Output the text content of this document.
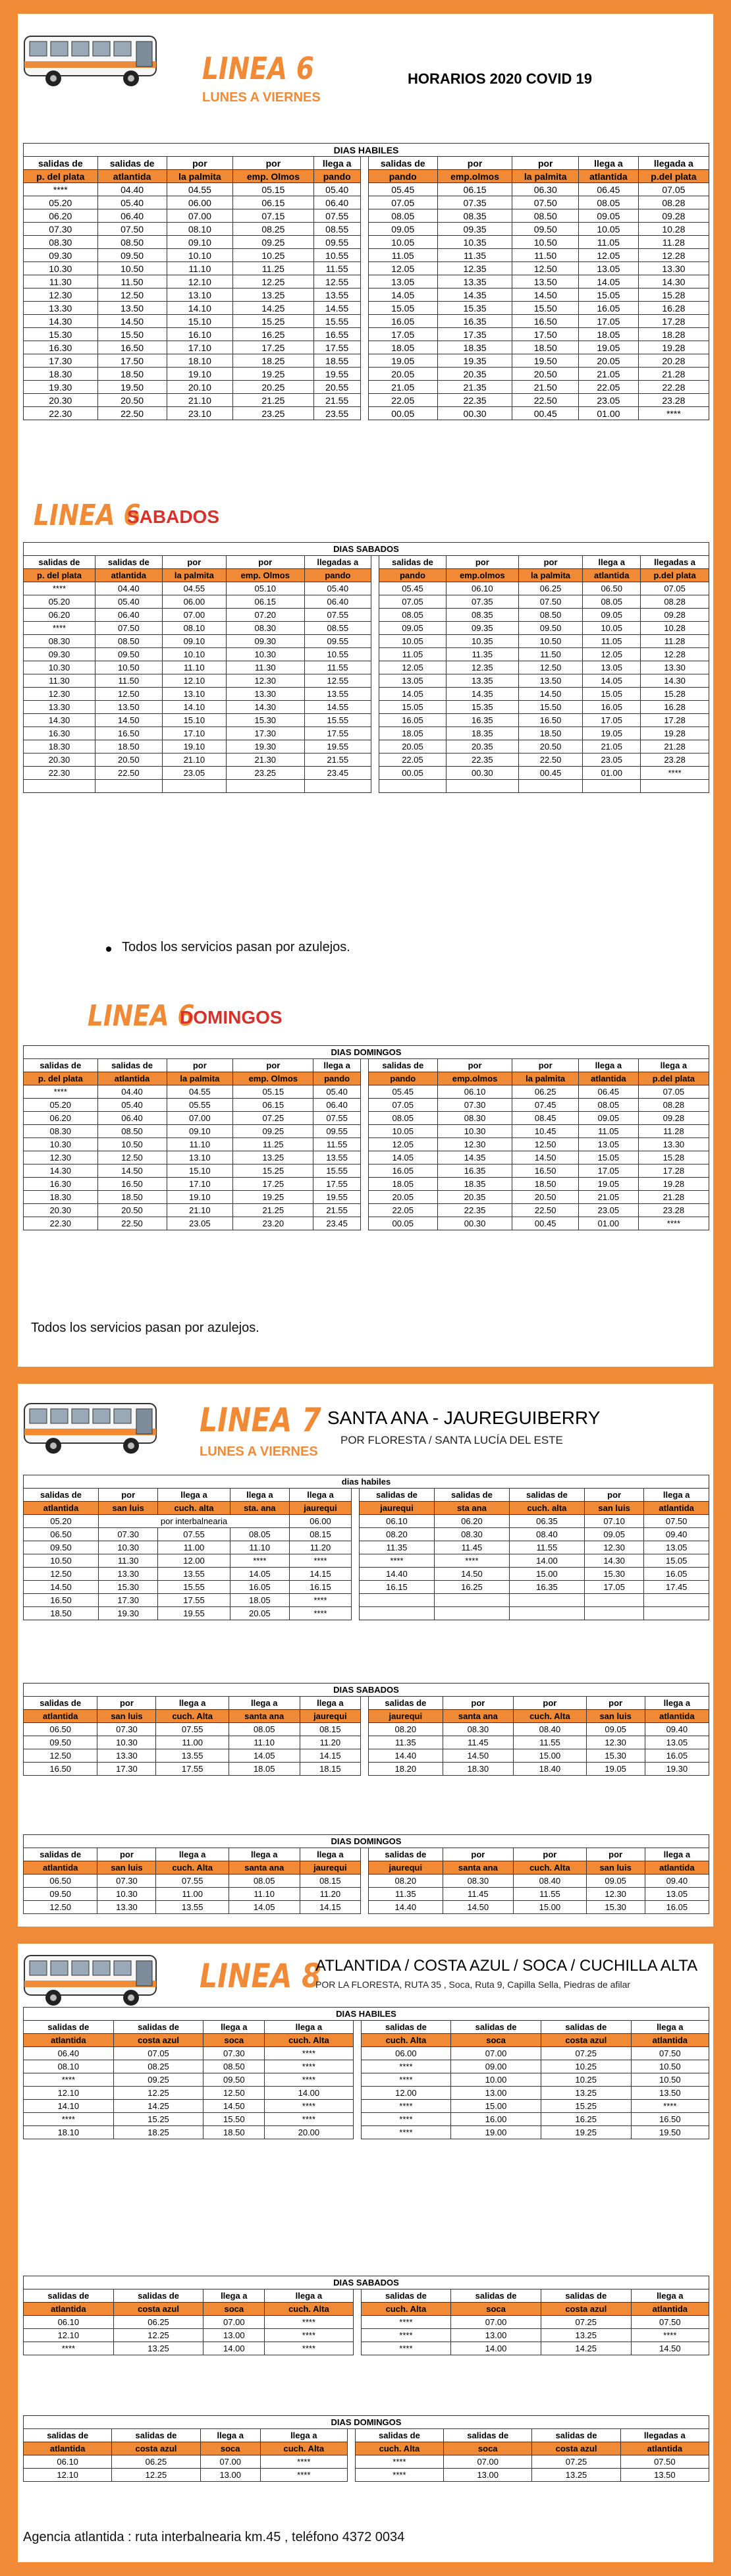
LINEA 6
LUNES A VIERNES
HORARIOS 2020 COVID 19
DIAS HABILES										
salidas de	salidas de	por	por	llega a		salidas de	por	por	llega a	llegada a
p. del plata	atlantida	la palmita	emp. Olmos	pando		pando	emp.olmos	la palmita	atlantida	p.del plata
****	04.40	04.55	05.15	05.40		05.45	06.15	06.30	06.45	07.05
05.20	05.40	06.00	06.15	06.40		07.05	07.35	07.50	08.05	08.28
06.20	06.40	07.00	07.15	07.55		08.05	08.35	08.50	09.05	09.28
07.30	07.50	08.10	08.25	08.55		09.05	09.35	09.50	10.05	10.28
08.30	08.50	09.10	09.25	09.55		10.05	10.35	10.50	11.05	11.28
09.30	09.50	10.10	10.25	10.55		11.05	11.35	11.50	12.05	12.28
10.30	10.50	11.10	11.25	11.55		12.05	12.35	12.50	13.05	13.30
11.30	11.50	12.10	12.25	12.55		13.05	13.35	13.50	14.05	14.30
12.30	12.50	13.10	13.25	13.55		14.05	14.35	14.50	15.05	15.28
13.30	13.50	14.10	14.25	14.55		15.05	15.35	15.50	16.05	16.28
14.30	14.50	15.10	15.25	15.55		16.05	16.35	16.50	17.05	17.28
15.30	15.50	16.10	16.25	16.55		17.05	17.35	17.50	18.05	18.28
16.30	16.50	17.10	17.25	17.55		18.05	18.35	18.50	19.05	19.28
17.30	17.50	18.10	18.25	18.55		19.05	19.35	19.50	20.05	20.28
18.30	18.50	19.10	19.25	19.55		20.05	20.35	20.50	21.05	21.28
19.30	19.50	20.10	20.25	20.55		21.05	21.35	21.50	22.05	22.28
20.30	20.50	21.10	21.25	21.55		22.05	22.35	22.50	23.05	23.28
22.30	22.50	23.10	23.25	23.55		00.05	00.30	00.45	01.00	****
LINEA 6
SABADOS
DIAS SABADOS										
salidas de	salidas de	por	por	llegadas a		salidas de	por	por	llega a	llegadas a
p. del plata	atlantida	la palmita	emp. Olmos	pando		pando	emp.olmos	la palmita	atlantida	p.del plata
****	04.40	04.55	05.10	05.40		05.45	06.10	06.25	06.50	07.05
05.20	05.40	06.00	06.15	06.40		07.05	07.35	07.50	08.05	08.28
06.20	06.40	07.00	07.20	07.55		08.05	08.35	08.50	09.05	09.28
****	07.50	08.10	08.30	08.55		09.05	09.35	09.50	10.05	10.28
08.30	08.50	09.10	09.30	09.55		10.05	10.35	10.50	11.05	11.28
09.30	09.50	10.10	10.30	10.55		11.05	11.35	11.50	12.05	12.28
10.30	10.50	11.10	11.30	11.55		12.05	12.35	12.50	13.05	13.30
11.30	11.50	12.10	12.30	12.55		13.05	13.35	13.50	14.05	14.30
12.30	12.50	13.10	13.30	13.55		14.05	14.35	14.50	15.05	15.28
13.30	13.50	14.10	14.30	14.55		15.05	15.35	15.50	16.05	16.28
14.30	14.50	15.10	15.30	15.55		16.05	16.35	16.50	17.05	17.28
16.30	16.50	17.10	17.30	17.55		18.05	18.35	18.50	19.05	19.28
18.30	18.50	19.10	19.30	19.55		20.05	20.35	20.50	21.05	21.28
20.30	20.50	21.10	21.30	21.55		22.05	22.35	22.50	23.05	23.28
22.30	22.50	23.05	23.25	23.45		00.05	00.30	00.45	01.00	****

Todos los servicios pasan por azulejos.
LINEA 6
DOMINGOS
DIAS DOMINGOS										
salidas de	salidas de	por	por	llega a		salidas de	por	por	llega a	llega a
p. del plata	atlantida	la palmita	emp. Olmos	pando		pando	emp.olmos	la palmita	atlantida	p.del plata
****	04.40	04.55	05.15	05.40		05.45	06.10	06.25	06.45	07.05
05.20	05.40	05.55	06.15	06.40		07.05	07.30	07.45	08.05	08.28
06.20	06.40	07.00	07.25	07.55		08.05	08.30	08.45	09.05	09.28
08.30	08.50	09.10	09.25	09.55		10.05	10.30	10.45	11.05	11.28
10.30	10.50	11.10	11.25	11.55		12.05	12.30	12.50	13.05	13.30
12.30	12.50	13.10	13.25	13.55		14.05	14.35	14.50	15.05	15.28
14.30	14.50	15.10	15.25	15.55		16.05	16.35	16.50	17.05	17.28
16.30	16.50	17.10	17.25	17.55		18.05	18.35	18.50	19.05	19.28
18.30	18.50	19.10	19.25	19.55		20.05	20.35	20.50	21.05	21.28
20.30	20.50	21.10	21.25	21.55		22.05	22.35	22.50	23.05	23.28
22.30	22.50	23.05	23.20	23.45		00.05	00.30	00.45	01.00	****
Todos los servicios pasan por azulejos.
LINEA 7
LUNES A VIERNES
SANTA ANA - JAUREGUIBERRY
POR FLORESTA / SANTA LUCÍA DEL ESTE
dias habiles										
salidas de	por	llega a	llega a	llega a		salidas de	salidas de	salidas de	por	llega a
atlantida	san luis	cuch. alta	sta. ana	jaurequi		jaurequi	sta ana	cuch. alta	san luis	atlantida
05.20	por interbalnearia			06.00		06.10	06.20	06.35	07.10	07.50
06.50	07.30	07.55	08.05	08.15		08.20	08.30	08.40	09.05	09.40
09.50	10.30	11.00	11.10	11.20		11.35	11.45	11.55	12.30	13.05
10.50	11.30	12.00	****	****		****	****	14.00	14.30	15.05
12.50	13.30	13.55	14.05	14.15		14.40	14.50	15.00	15.30	16.05
14.50	15.30	15.55	16.05	16.15		16.15	16.25	16.35	17.05	17.45
16.50	17.30	17.55	18.05	****						
18.50	19.30	19.55	20.05	****						
DIAS SABADOS										
salidas de	por	llega a	llega a	llega a		salidas de	por	por	por	llega a
atlantida	san luis	cuch. Alta	santa ana	jaurequi		jaurequi	santa ana	cuch. Alta	san luis	atlantida
06.50	07.30	07.55	08.05	08.15		08.20	08.30	08.40	09.05	09.40
09.50	10.30	11.00	11.10	11.20		11.35	11.45	11.55	12.30	13.05
12.50	13.30	13.55	14.05	14.15		14.40	14.50	15.00	15.30	16.05
16.50	17.30	17.55	18.05	18.15		18.20	18.30	18.40	19.05	19.30
DIAS DOMINGOS										
salidas de	por	llega a	llega a	llega a		salidas de	por	por	por	llega a
atlantida	san luis	cuch. Alta	santa ana	jaurequi		jaurequi	santa ana	cuch. Alta	san luis	atlantida
06.50	07.30	07.55	08.05	08.15		08.20	08.30	08.40	09.05	09.40
09.50	10.30	11.00	11.10	11.20		11.35	11.45	11.55	12.30	13.05
12.50	13.30	13.55	14.05	14.15		14.40	14.50	15.00	15.30	16.05
LINEA 8
ATLANTIDA / COSTA AZUL / SOCA / CUCHILLA ALTA
POR LA FLORESTA, RUTA 35 , Soca, Ruta 9, Capilla Sella, Piedras de afilar
DIAS HABILES								
salidas de	salidas de	llega a	llega a		salidas de	salidas de	salidas de	llega a
atlantida	costa azul	soca	cuch. Alta		cuch. Alta	soca	costa azul	atlantida
06.40	07.05	07.30	****		06.00	07.00	07.25	07.50
08.10	08.25	08.50	****		****	09.00	10.25	10.50
****	09.25	09.50	****		****	10.00	10.25	10.50
12.10	12.25	12.50	14.00		12.00	13.00	13.25	13.50
14.10	14.25	14.50	****		****	15.00	15.25	****
****	15.25	15.50	****		****	16.00	16.25	16.50
18.10	18.25	18.50	20.00		****	19.00	19.25	19.50
DIAS SABADOS								
salidas de	salidas de	llega a	llega a		salidas de	salidas de	salidas de	llega a
atlantida	costa azul	soca	cuch. Alta		cuch. Alta	soca	costa azul	atlantida
06.10	06.25	07.00	****		****	07.00	07.25	07.50
12.10	12.25	13.00	****		****	13.00	13.25	****
****	13.25	14.00	****		****	14.00	14.25	14.50
DIAS DOMINGOS								
salidas de	salidas de	llega a	llega a		salidas de	salidas de	salidas de	llegadas a
atlantida	costa azul	soca	cuch. Alta		cuch. Alta	soca	costa azul	atlantida
06.10	06.25	07.00	****		****	07.00	07.25	07.50
12.10	12.25	13.00	****		****	13.00	13.25	13.50
Agencia atlantida : ruta interbalnearia km.45 , teléfono 4372 0034
